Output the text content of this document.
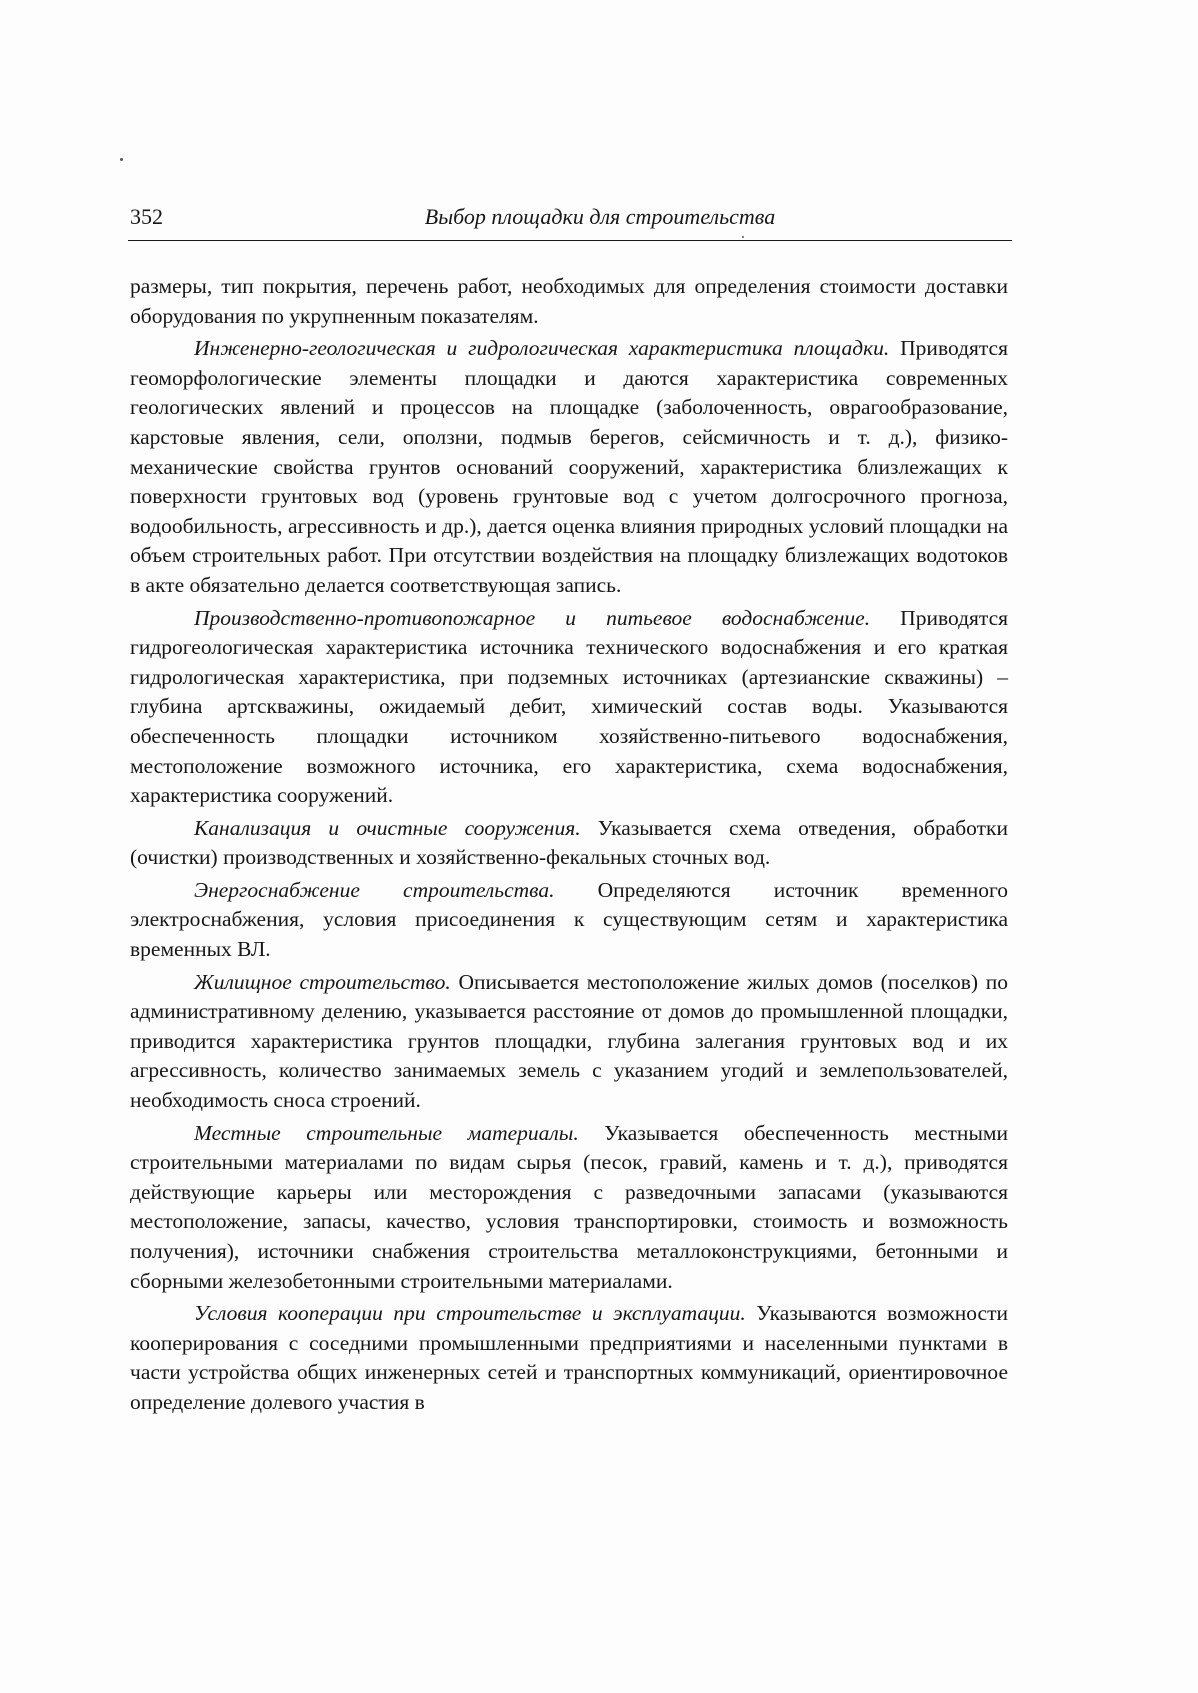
352	Выбор площадки для строительства

размеры, тип покрытия, перечень работ, необходимых для определения стоимости доставки оборудования по укрупненным показателям.

Инженерно-геологическая и гидрологическая характеристика площадки. Приводятся геоморфологические элементы площадки и даются характеристика современных геологических явлений и процессов на площадке (заболоченность, оврагообразование, карстовые явления, сели, оползни, подмыв берегов, сейсмичность и т. д.), физико-механические свойства грунтов оснований сооружений, характеристика близлежащих к поверхности грунтовых вод (уровень грунтовые вод с учетом долгосрочного прогноза, водообильность, агрессивность и др.), дается оценка влияния природных условий площадки на объем строительных работ. При отсутствии воздействия на площадку близлежащих водотоков в акте обязательно делается соответствующая запись.

Производственно-противопожарное и питьевое водоснабжение. Приводятся гидрогеологическая характеристика источника технического водоснабжения и его краткая гидрологическая характеристика, при подземных источниках (артезианские скважины) – глубина артскважины, ожидаемый дебит, химический состав воды. Указываются обеспеченность площадки источником хозяйственно-питьевого водоснабжения, местоположение возможного источника, его характеристика, схема водоснабжения, характеристика сооружений.

Канализация и очистные сооружения. Указывается схема отведения, обработки (очистки) производственных и хозяйственно-фекальных сточных вод.

Энергоснабжение строительства. Определяются источник временного электроснабжения, условия присоединения к существующим сетям и характеристика временных ВЛ.

Жилищное строительство. Описывается местоположение жилых домов (поселков) по административному делению, указывается расстояние от домов до промышленной площадки, приводится характеристика грунтов площадки, глубина залегания грунтовых вод и их агрессивность, количество занимаемых земель с указанием угодий и землепользователей, необходимость сноса строений.

Местные строительные материалы. Указывается обеспеченность местными строительными материалами по видам сырья (песок, гравий, камень и т. д.), приводятся действующие карьеры или месторождения с разведочными запасами (указываются местоположение, запасы, качество, условия транспортировки, стоимость и возможность получения), источники снабжения строительства металлоконструкциями, бетонными и сборными железобетонными строительными материалами.

Условия кооперации при строительстве и эксплуатации. Указываются возможности кооперирования с соседними промышленными предприятиями и населенными пунктами в части устройства общих инженерных сетей и транспортных коммуникаций, ориентировочное определение долевого участия в
